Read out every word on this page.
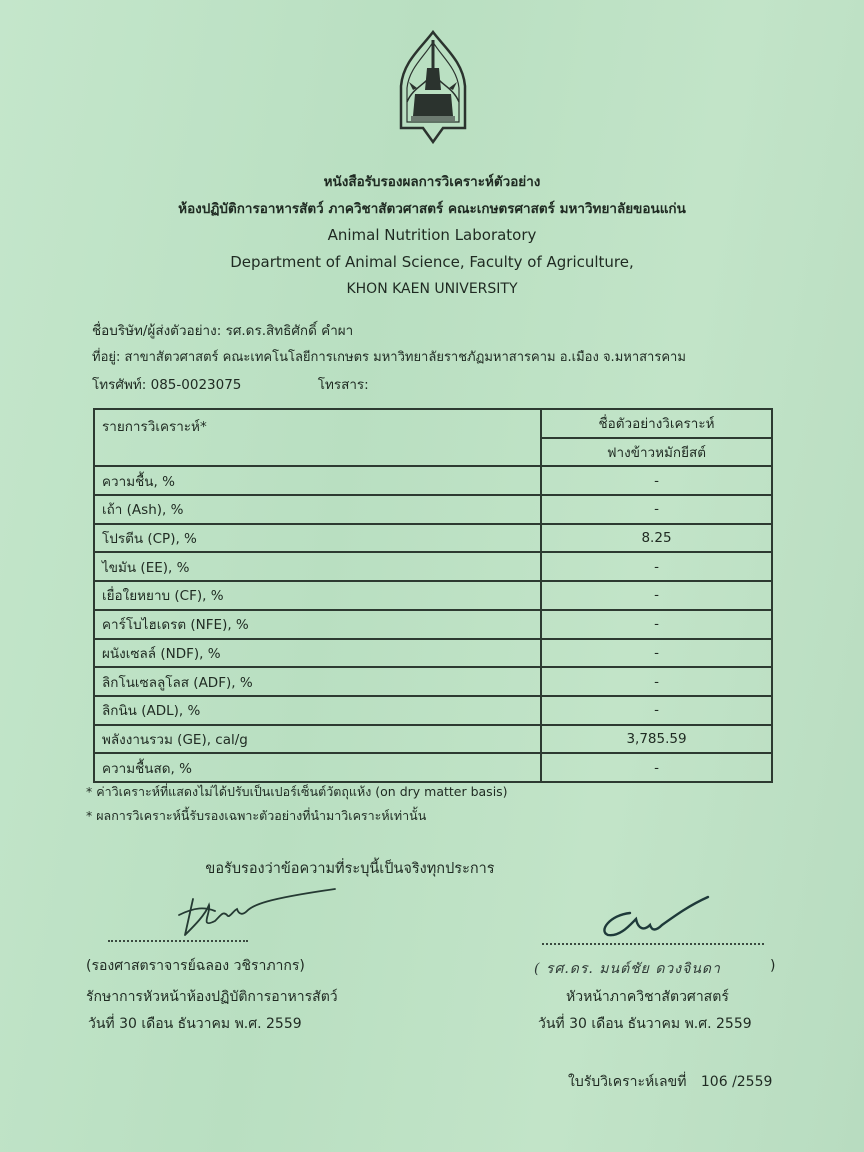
หนังสือรับรองผลการวิเคราะห์ตัวอย่าง
ห้องปฏิบัติการอาหารสัตว์ ภาควิชาสัตวศาสตร์ คณะเกษตรศาสตร์ มหาวิทยาลัยขอนแก่น
Animal Nutrition Laboratory
Department of Animal Science, Faculty of Agriculture,
KHON KAEN UNIVERSITY
ชื่อบริษัท/ผู้ส่งตัวอย่าง: รศ.ดร.สิทธิศักดิ์ คำผา
ที่อยู่: สาขาสัตวศาสตร์ คณะเทคโนโลยีการเกษตร มหาวิทยาลัยราชภัฏมหาสารคาม อ.เมือง จ.มหาสารคาม
โทรศัพท์: 085-0023075	โทรสาร:
รายการวิเคราะห์*	ชื่อตัวอย่างวิเคราะห์
	ฟางข้าวหมักยีสต์
ความชื้น, %	-
เถ้า (Ash), %	-
โปรตีน (CP), %	8.25
ไขมัน (EE), %	-
เยื่อใยหยาบ (CF), %	-
คาร์โบไฮเดรต (NFE), %	-
ผนังเซลล์ (NDF), %	-
ลิกโนเซลลูโลส (ADF), %	-
ลิกนิน (ADL), %	-
พลังงานรวม (GE), cal/g	3,785.59
ความชื้นสด, %	-
* ค่าวิเคราะห์ที่แสดงไม่ได้ปรับเป็นเปอร์เซ็นต์วัตถุแห้ง (on dry matter basis)
* ผลการวิเคราะห์นี้รับรองเฉพาะตัวอย่างที่นำมาวิเคราะห์เท่านั้น
ขอรับรองว่าข้อความที่ระบุนี้เป็นจริงทุกประการ
(รองศาสตราจารย์ฉลอง วชิราภากร)
รักษาการหัวหน้าห้องปฏิบัติการอาหารสัตว์
วันที่ 30 เดือน ธันวาคม พ.ศ. 2559
( รศ.ดร. มนต์ชัย ดวงจินดา	)
หัวหน้าภาควิชาสัตวศาสตร์
วันที่ 30 เดือน ธันวาคม พ.ศ. 2559
ใบรับวิเคราะห์เลขที่ 106 /2559
